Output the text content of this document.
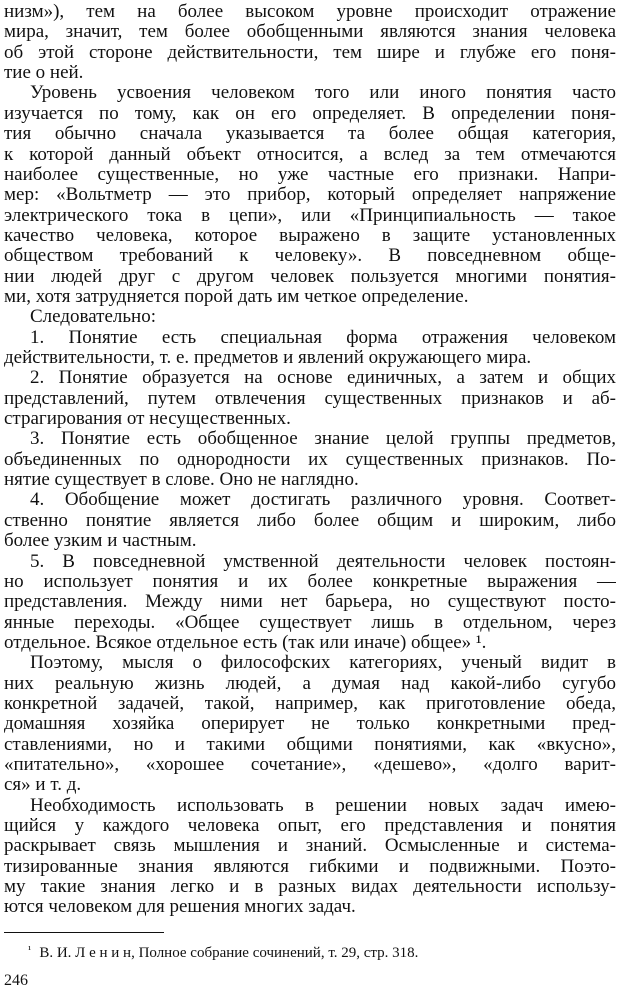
низм»), тем на более высоком уровне происходит отражение
мира, значит, тем более обобщенными являются знания человека
об этой стороне действительности, тем шире и глубже его поня-
тие о ней.
Уровень усвоения человеком того или иного понятия часто
изучается по тому, как он его определяет. В определении поня-
тия обычно сначала указывается та более общая категория,
к которой данный объект относится, а вслед за тем отмечаются
наиболее существенные, но уже частные его признаки. Напри-
мер: «Вольтметр — это прибор, который определяет напряжение
электрического тока в цепи», или «Принципиальность — такое
качество человека, которое выражено в защите установленных
обществом требований к человеку». В повседневном обще-
нии людей друг с другом человек пользуется многими понятия-
ми, хотя затрудняется порой дать им четкое определение.
Следовательно:
1. Понятие есть специальная форма отражения человеком
действительности, т. е. предметов и явлений окружающего мира.
2. Понятие образуется на основе единичных, а затем и общих
представлений, путем отвлечения существенных признаков и аб-
страгирования от несущественных.
3. Понятие есть обобщенное знание целой группы предметов,
объединенных по однородности их существенных признаков. По-
нятие существует в слове. Оно не наглядно.
4. Обобщение может достигать различного уровня. Соответ-
ственно понятие является либо более общим и широким, либо
более узким и частным.
5. В повседневной умственной деятельности человек постоян-
но использует понятия и их более конкретные выражения —
представления. Между ними нет барьера, но существуют посто-
янные переходы. «Общее существует лишь в отдельном, через
отдельное. Всякое отдельное есть (так или иначе) общее» ¹.
Поэтому, мысля о философских категориях, ученый видит в
них реальную жизнь людей, а думая над какой-либо сугубо
конкретной задачей, такой, например, как приготовление обеда,
домашняя хозяйка оперирует не только конкретными пред-
ставлениями, но и такими общими понятиями, как «вкусно»,
«питательно», «хорошее сочетание», «дешево», «долго варит-
ся» и т. д.
Необходимость использовать в решении новых задач имею-
щийся у каждого человека опыт, его представления и понятия
раскрывает связь мышления и знаний. Осмысленные и система-
тизированные знания являются гибкими и подвижными. Поэто-
му такие знания легко и в разных видах деятельности использу-
ются человеком для решения многих задач.
$^{^1}$ В. И. Л е н и н, Полное собрание сочинений, т. 29, стр. 318.
246
